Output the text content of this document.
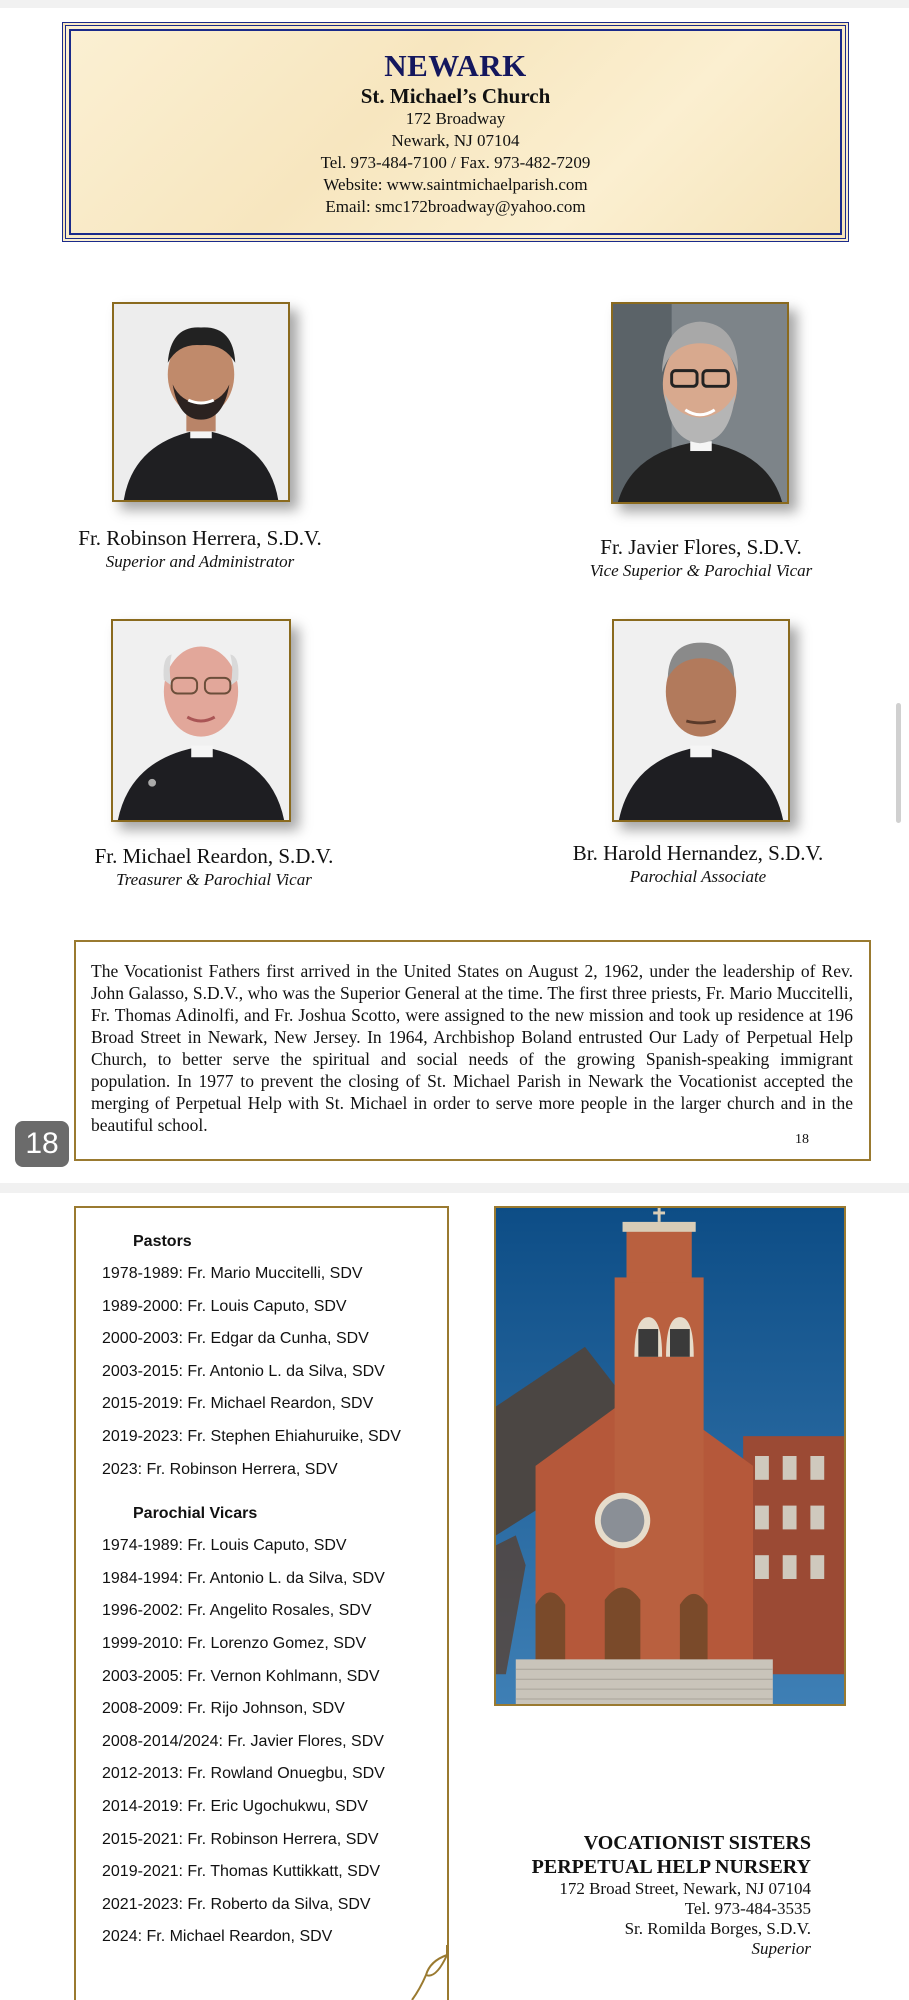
NEWARK
St. Michael’s Church
172 Broadway
Newark, NJ 07104
Tel. 973-484-7100 / Fax. 973-482-7209
Website: www.saintmichaelparish.com
Email: smc172broadway@yahoo.com
Fr. Robinson Herrera, S.D.V.
Superior and Administrator
Fr. Javier Flores, S.D.V.
Vice Superior & Parochial Vicar
Fr. Michael Reardon, S.D.V.
Treasurer & Parochial Vicar
Br. Harold Hernandez, S.D.V.
Parochial Associate

The Vocationist Fathers first arrived in the United States on August 2, 1962, under the leadership of Rev. John Galasso, S.D.V., who was the Superior General at the time. The first three priests, Fr. Mario Muccitelli, Fr. Thomas Adinolfi, and Fr. Joshua Scotto, were assigned to the new mission and took up residence at 196 Broad Street in Newark, New Jersey. In 1964, Archbishop Boland entrusted Our Lady of Perpetual Help Church, to better serve the spiritual and social needs of the growing Spanish-speaking immigrant population. In 1977 to prevent the closing of St. Michael Parish in Newark the Vocationist accepted the merging of Perpetual Help with St. Michael in order to serve more people in the larger church and in the beautiful school.

18
18
Pastors
1978-1989: Fr. Mario Muccitelli, SDV
1989-2000: Fr. Louis Caputo, SDV
2000-2003: Fr. Edgar da Cunha, SDV
2003-2015: Fr. Antonio L. da Silva, SDV
2015-2019: Fr. Michael Reardon, SDV
2019-2023: Fr. Stephen Ehiahuruike, SDV
2023: Fr. Robinson Herrera, SDV
Parochial Vicars
1974-1989: Fr. Louis Caputo, SDV
1984-1994: Fr. Antonio L. da Silva, SDV
1996-2002: Fr. Angelito Rosales, SDV
1999-2010: Fr. Lorenzo Gomez, SDV
2003-2005: Fr. Vernon Kohlmann, SDV
2008-2009: Fr. Rijo Johnson, SDV
2008-2014/2024: Fr. Javier Flores, SDV
2012-2013: Fr. Rowland Onuegbu, SDV
2014-2019: Fr. Eric Ugochukwu, SDV
2015-2021: Fr. Robinson Herrera, SDV
2019-2021: Fr. Thomas Kuttikkatt, SDV
2021-2023: Fr. Roberto da Silva, SDV
2024: Fr. Michael Reardon, SDV
VOCATIONIST SISTERS
PERPETUAL HELP NURSERY
172 Broad Street, Newark, NJ 07104
Tel. 973-484-3535
Sr. Romilda Borges, S.D.V.
Superior
